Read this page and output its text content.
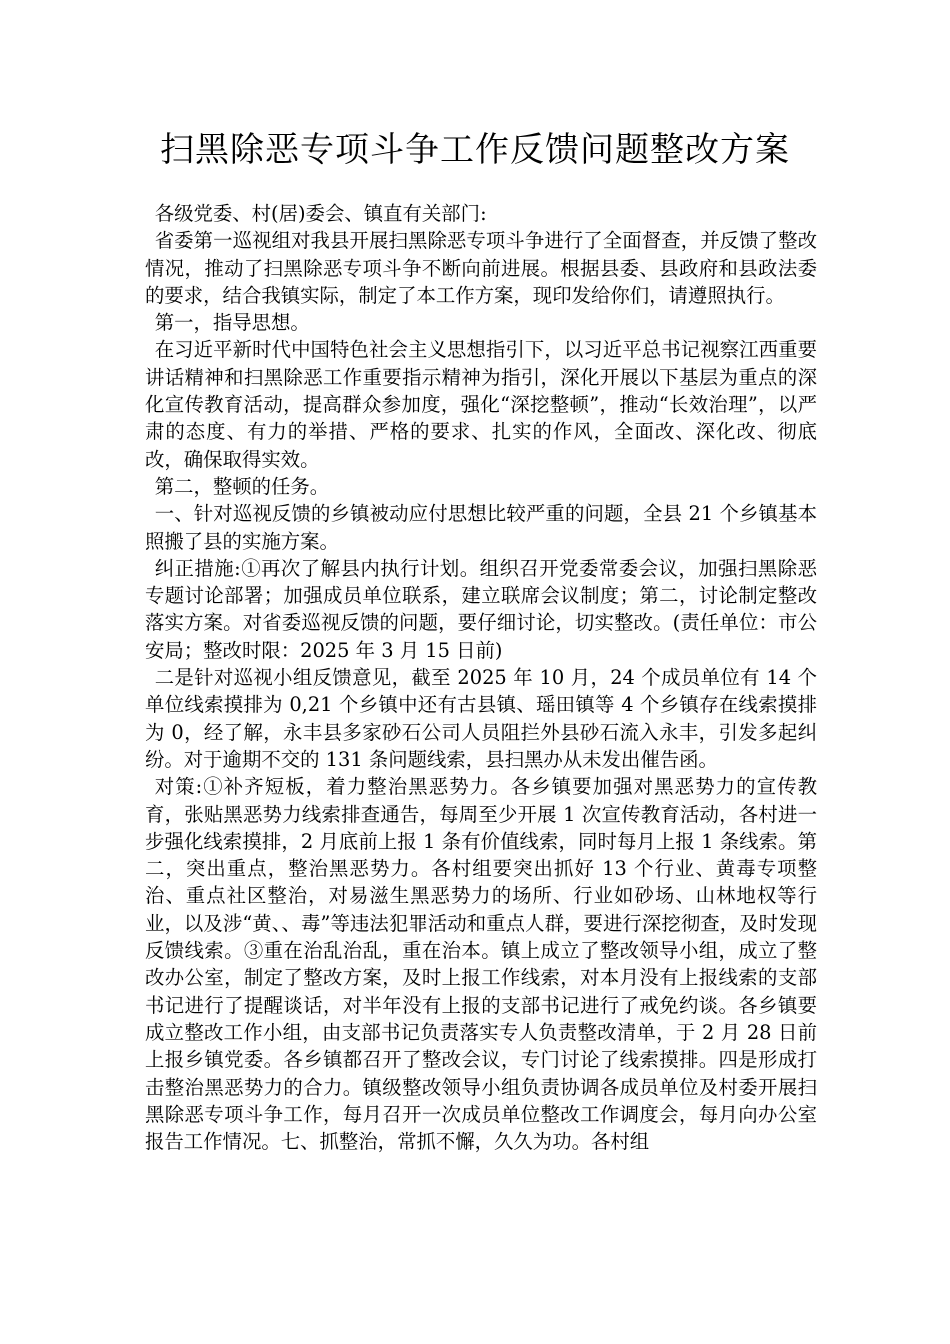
扫黑除恶专项斗争工作反馈问题整改方案

各级党委、村(居)委会、镇直有关部门:

省委第一巡视组对我县开展扫黑除恶专项斗争进行了全面督查，并反馈了整改情况，推动了扫黑除恶专项斗争不断向前进展。根据县委、县政府和县政法委的要求，结合我镇实际，制定了本工作方案，现印发给你们，请遵照执行。

第一，指导思想。

在习近平新时代中国特色社会主义思想指引下，以习近平总书记视察江西重要讲话精神和扫黑除恶工作重要指示精神为指引，深化开展以下基层为重点的深化宣传教育活动，提高群众参加度，强化“深挖整顿”，推动“长效治理”，以严肃的态度、有力的举措、严格的要求、扎实的作风，全面改、深化改、彻底改，确保取得实效。

第二，整顿的任务。

一、针对巡视反馈的乡镇被动应付思想比较严重的问题，全县 21 个乡镇基本照搬了县的实施方案。

纠正措施:①再次了解县内执行计划。组织召开党委常委会议，加强扫黑除恶专题讨论部署；加强成员单位联系，建立联席会议制度；第二，讨论制定整改落实方案。对省委巡视反馈的问题，要仔细讨论，切实整改。(责任单位：市公安局；整改时限：2025 年 3 月 15 日前)

二是针对巡视小组反馈意见，截至 2025 年 10 月，24 个成员单位有 14 个单位线索摸排为 0,21 个乡镇中还有古县镇、瑶田镇等 4 个乡镇存在线索摸排为 0，经了解，永丰县多家砂石公司人员阻拦外县砂石流入永丰，引发多起纠纷。对于逾期不交的 131 条问题线索，县扫黑办从未发出催告函。

对策:①补齐短板，着力整治黑恶势力。各乡镇要加强对黑恶势力的宣传教育，张贴黑恶势力线索排查通告，每周至少开展 1 次宣传教育活动，各村进一步强化线索摸排，2 月底前上报 1 条有价值线索，同时每月上报 1 条线索。第二，突出重点，整治黑恶势力。各村组要突出抓好 13 个行业、黄毒专项整治、重点社区整治，对易滋生黑恶势力的场所、行业如砂场、山林地权等行业，以及涉“黄、、毒”等违法犯罪活动和重点人群，要进行深挖彻查，及时发现反馈线索。③重在治乱治乱，重在治本。镇上成立了整改领导小组，成立了整改办公室，制定了整改方案，及时上报工作线索，对本月没有上报线索的支部书记进行了提醒谈话，对半年没有上报的支部书记进行了戒免约谈。各乡镇要成立整改工作小组，由支部书记负责落实专人负责整改清单，于 2 月 28 日前上报乡镇党委。各乡镇都召开了整改会议，专门讨论了线索摸排。四是形成打击整治黑恶势力的合力。镇级整改领导小组负责协调各成员单位及村委开展扫黑除恶专项斗争工作，每月召开一次成员单位整改工作调度会，每月向办公室报告工作情况。七、抓整治，常抓不懈，久久为功。各村组
